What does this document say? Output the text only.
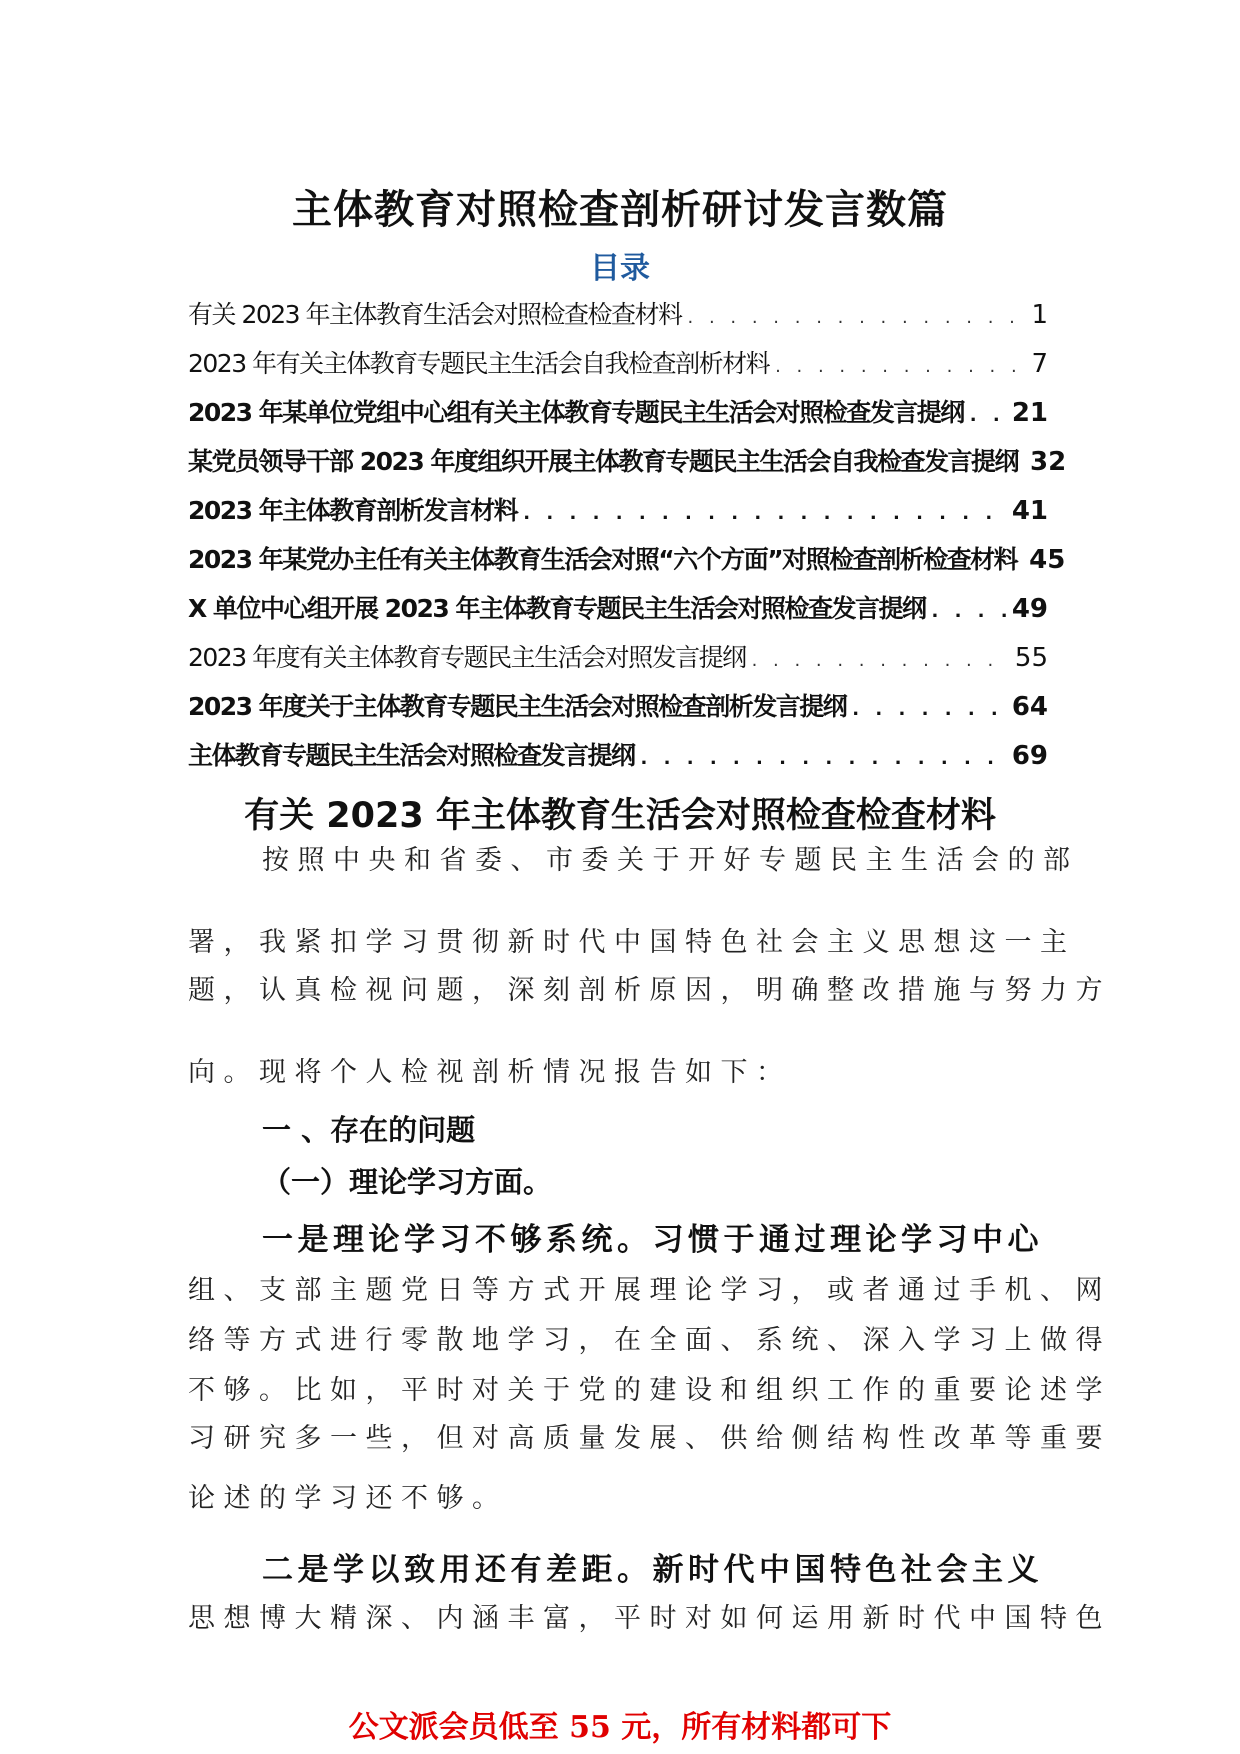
主体教育对照检查剖析研讨发言数篇
目录
有关 2023 年主体教育生活会对照检查检查材料 . . .	1
2023 年有关主体教育专题民主生活会自我检查剖析材料 . . .	7
2023 年某单位党组中心组有关主体教育专题民主生活会对照检查发言提纲 . . . 21
某党员领导干部 2023 年度组织开展主体教育专题民主生活会自我检查发言提纲 32
2023 年主体教育剖析发言材料 . . .	41
2023 年某党办主任有关主体教育生活会对照“六个方面”对照检查剖析检查材料 45
X 单位中心组开展 2023 年主体教育专题民主生活会对照检查发言提纲 . . .	49
2023 年度有关主体教育专题民主生活会对照发言提纲 . . .	55
2023 年度关于主体教育专题民主生活会对照检查剖析发言提纲 . . .	64
主体教育专题民主生活会对照检查发言提纲 . . .	69
有关 2023 年主体教育生活会对照检查检查材料
按照中央和省委、市委关于开好专题民主生活会的部
署，我紧扣学习贯彻新时代中国特色社会主义思想这一主
题，认真检视问题，深刻剖析原因，明确整改措施与努力方
向。现将个人检视剖析情况报告如下：
一 、存在的问题
（一）理论学习方面。
一是理论学习不够系统。习惯于通过理论学习中心
组、支部主题党日等方式开展理论学习，或者通过手机、网
络等方式进行零散地学习，在全面、系统、深入学习上做得
不够。比如，平时对关于党的建设和组织工作的重要论述学
习研究多一些，但对高质量发展、供给侧结构性改革等重要
论述的学习还不够。
二是学以致用还有差距。新时代中国特色社会主义
思想博大精深、内涵丰富，平时对如何运用新时代中国特色
公文派会员低至 55 元，所有材料都可下
